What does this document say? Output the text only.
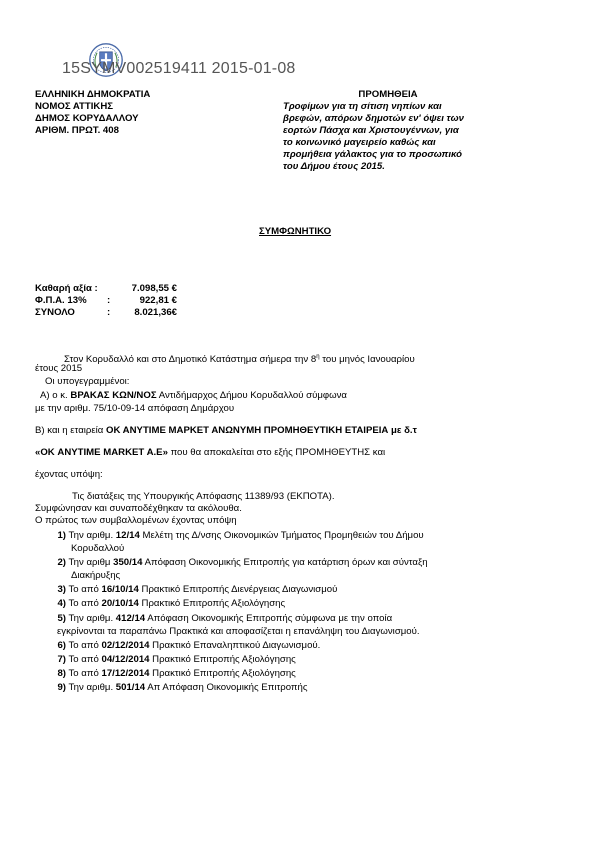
15SYMV002519411 2015-01-08
ΕΛΛΗΝΙΚΗ ΔΗΜΟΚΡΑΤΙΑ
ΝΟΜΟΣ ΑΤΤΙΚΗΣ
ΔΗΜΟΣ ΚΟΡΥΔΑΛΛΟΥ
ΑΡΙΘΜ. ΠΡΩΤ. 408
ΠΡΟΜΗΘΕΙΑ
Τροφίμων για τη σίτιση νηπίων και
βρεφών, απόρων δημοτών εν' όψει των
εορτών Πάσχα και Χριστουγέννων, για
το κοινωνικό μαγειρείο καθώς και
προμήθεια γάλακτος για το προσωπικό
του Δήμου έτους 2015.
ΣΥΜΦΩΝΗΤΙΚΟ
Καθαρή αξία :	7.098,55 €
Φ.Π.Α. 13% :	922,81 €
ΣΥΝΟΛΟ	:	8.021,36€
Στον Κορυδαλλό και στο Δημοτικό Κατάστημα σήμερα την $8^\eta$ του μηνός Ιανουαρίου
έτους 2015
Οι υπογεγραμμένοι:
Α) ο κ. ΒΡΑΚΑΣ ΚΩΝ/ΝΟΣ Αντιδήμαρχος Δήμου Κορυδαλλού σύμφωνα
με την αριθμ. 75/10-09-14 απόφαση Δημάρχου
Β) και η εταιρεία ΟΚ ΑΝΥΤΙΜΕ ΜΑΡΚΕΤ ΑΝΩΝΥΜΗ ΠΡΟΜΗΘΕΥΤΙΚΗ ΕΤΑΙΡΕΙΑ με δ.τ
«ΟΚ ANYTIME MARKET A.E» που θα αποκαλείται στο εξής ΠΡΟΜΗΘΕΥΤΗΣ και
έχοντας υπόψη:
Τις διατάξεις της Υπουργικής Απόφασης 11389/93 (ΕΚΠΟΤΑ).
Συμφώνησαν και συναποδέχθηκαν τα ακόλουθα.
Ο πρώτος των συμβαλλομένων έχοντας υπόψη
1) Την αριθμ. 12/14 Μελέτη της Δ/νσης Οικονομικών Τμήματος Προμηθειών του Δήμου
Κορυδαλλού
2) Την αριθμ 350/14 Απόφαση Οικονομικής Επιτροπής για κατάρτιση όρων και σύνταξη
Διακήρυξης
3) Το από 16/10/14 Πρακτικό Επιτροπής Διενέργειας Διαγωνισμού
4) Το από 20/10/14 Πρακτικό Επιτροπής Αξιολόγησης
5) Την αριθμ. 412/14 Απόφαση Οικονομικής Επιτροπής σύμφωνα με την οποία
εγκρίνονται τα παραπάνω Πρακτικά και αποφασίζεται η επανάληψη του Διαγωνισμού.
6) Το από 02/12/2014 Πρακτικό Επαναληπτικού Διαγωνισμού.
7) Το από 04/12/2014 Πρακτικό Επιτροπής Αξιολόγησης
8) Το από 17/12/2014 Πρακτικό Επιτροπής Αξιολόγησης
9) Την αριθμ. 501/14 Απ Απόφαση Οικονομικής Επιτροπής
